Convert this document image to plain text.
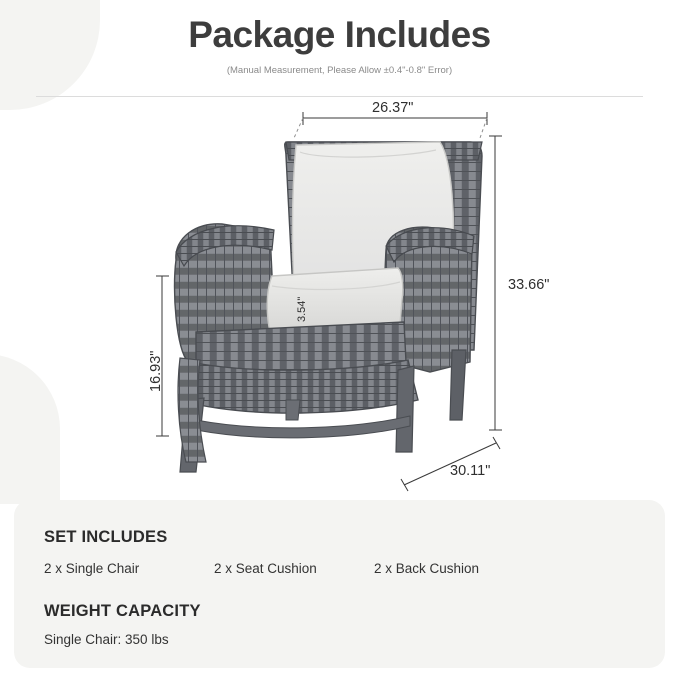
Package Includes
(Manual Measurement, Please Allow ±0.4"-0.8" Error)
26.37"
33.66"
16.93"
3.54"
30.11"
SET INCLUDES
2 x Single Chair	2 x Seat Cushion	2 x Back Cushion
WEIGHT CAPACITY
Single Chair: 350 lbs
